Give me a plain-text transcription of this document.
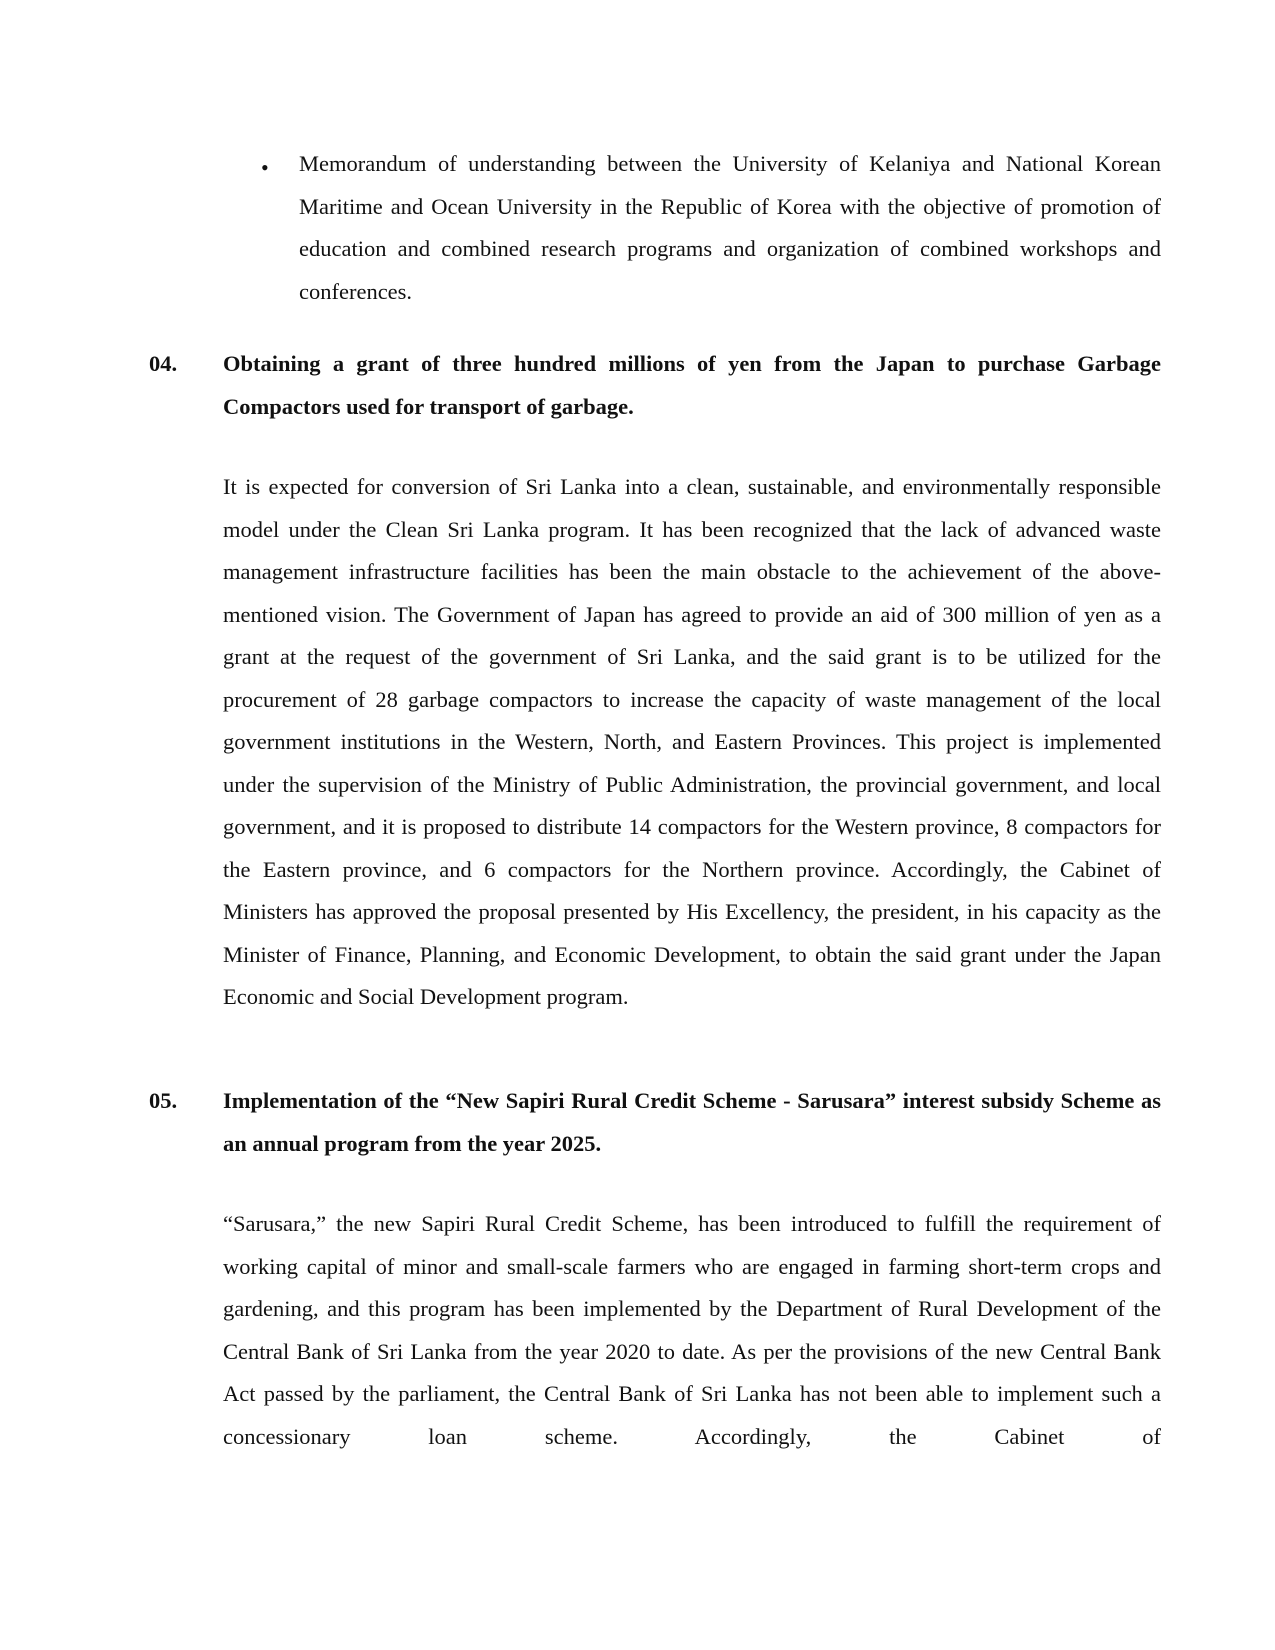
• Memorandum of understanding between the University of Kelaniya and National Korean Maritime and Ocean University in the Republic of Korea with the objective of promotion of education and combined research programs and organization of combined workshops and conferences.
04. Obtaining a grant of three hundred millions of yen from the Japan to purchase Garbage Compactors used for transport of garbage.
It is expected for conversion of Sri Lanka into a clean, sustainable, and environmentally responsible model under the Clean Sri Lanka program. It has been recognized that the lack of advanced waste management infrastructure facilities has been the main obstacle to the achievement of the above-mentioned vision. The Government of Japan has agreed to provide an aid of 300 million of yen as a grant at the request of the government of Sri Lanka, and the said grant is to be utilized for the procurement of 28 garbage compactors to increase the capacity of waste management of the local government institutions in the Western, North, and Eastern Provinces. This project is implemented under the supervision of the Ministry of Public Administration, the provincial government, and local government, and it is proposed to distribute 14 compactors for the Western province, 8 compactors for the Eastern province, and 6 compactors for the Northern province. Accordingly, the Cabinet of Ministers has approved the proposal presented by His Excellency, the president, in his capacity as the Minister of Finance, Planning, and Economic Development, to obtain the said grant under the Japan Economic and Social Development program.
05. Implementation of the “New Sapiri Rural Credit Scheme - Sarusara” interest subsidy Scheme as an annual program from the year 2025.
“Sarusara,” the new Sapiri Rural Credit Scheme, has been introduced to fulfill the requirement of working capital of minor and small-scale farmers who are engaged in farming short-term crops and gardening, and this program has been implemented by the Department of Rural Development of the Central Bank of Sri Lanka from the year 2020 to date. As per the provisions of the new Central Bank Act passed by the parliament, the Central Bank of Sri Lanka has not been able to implement such a concessionary loan scheme. Accordingly, the Cabinet of
